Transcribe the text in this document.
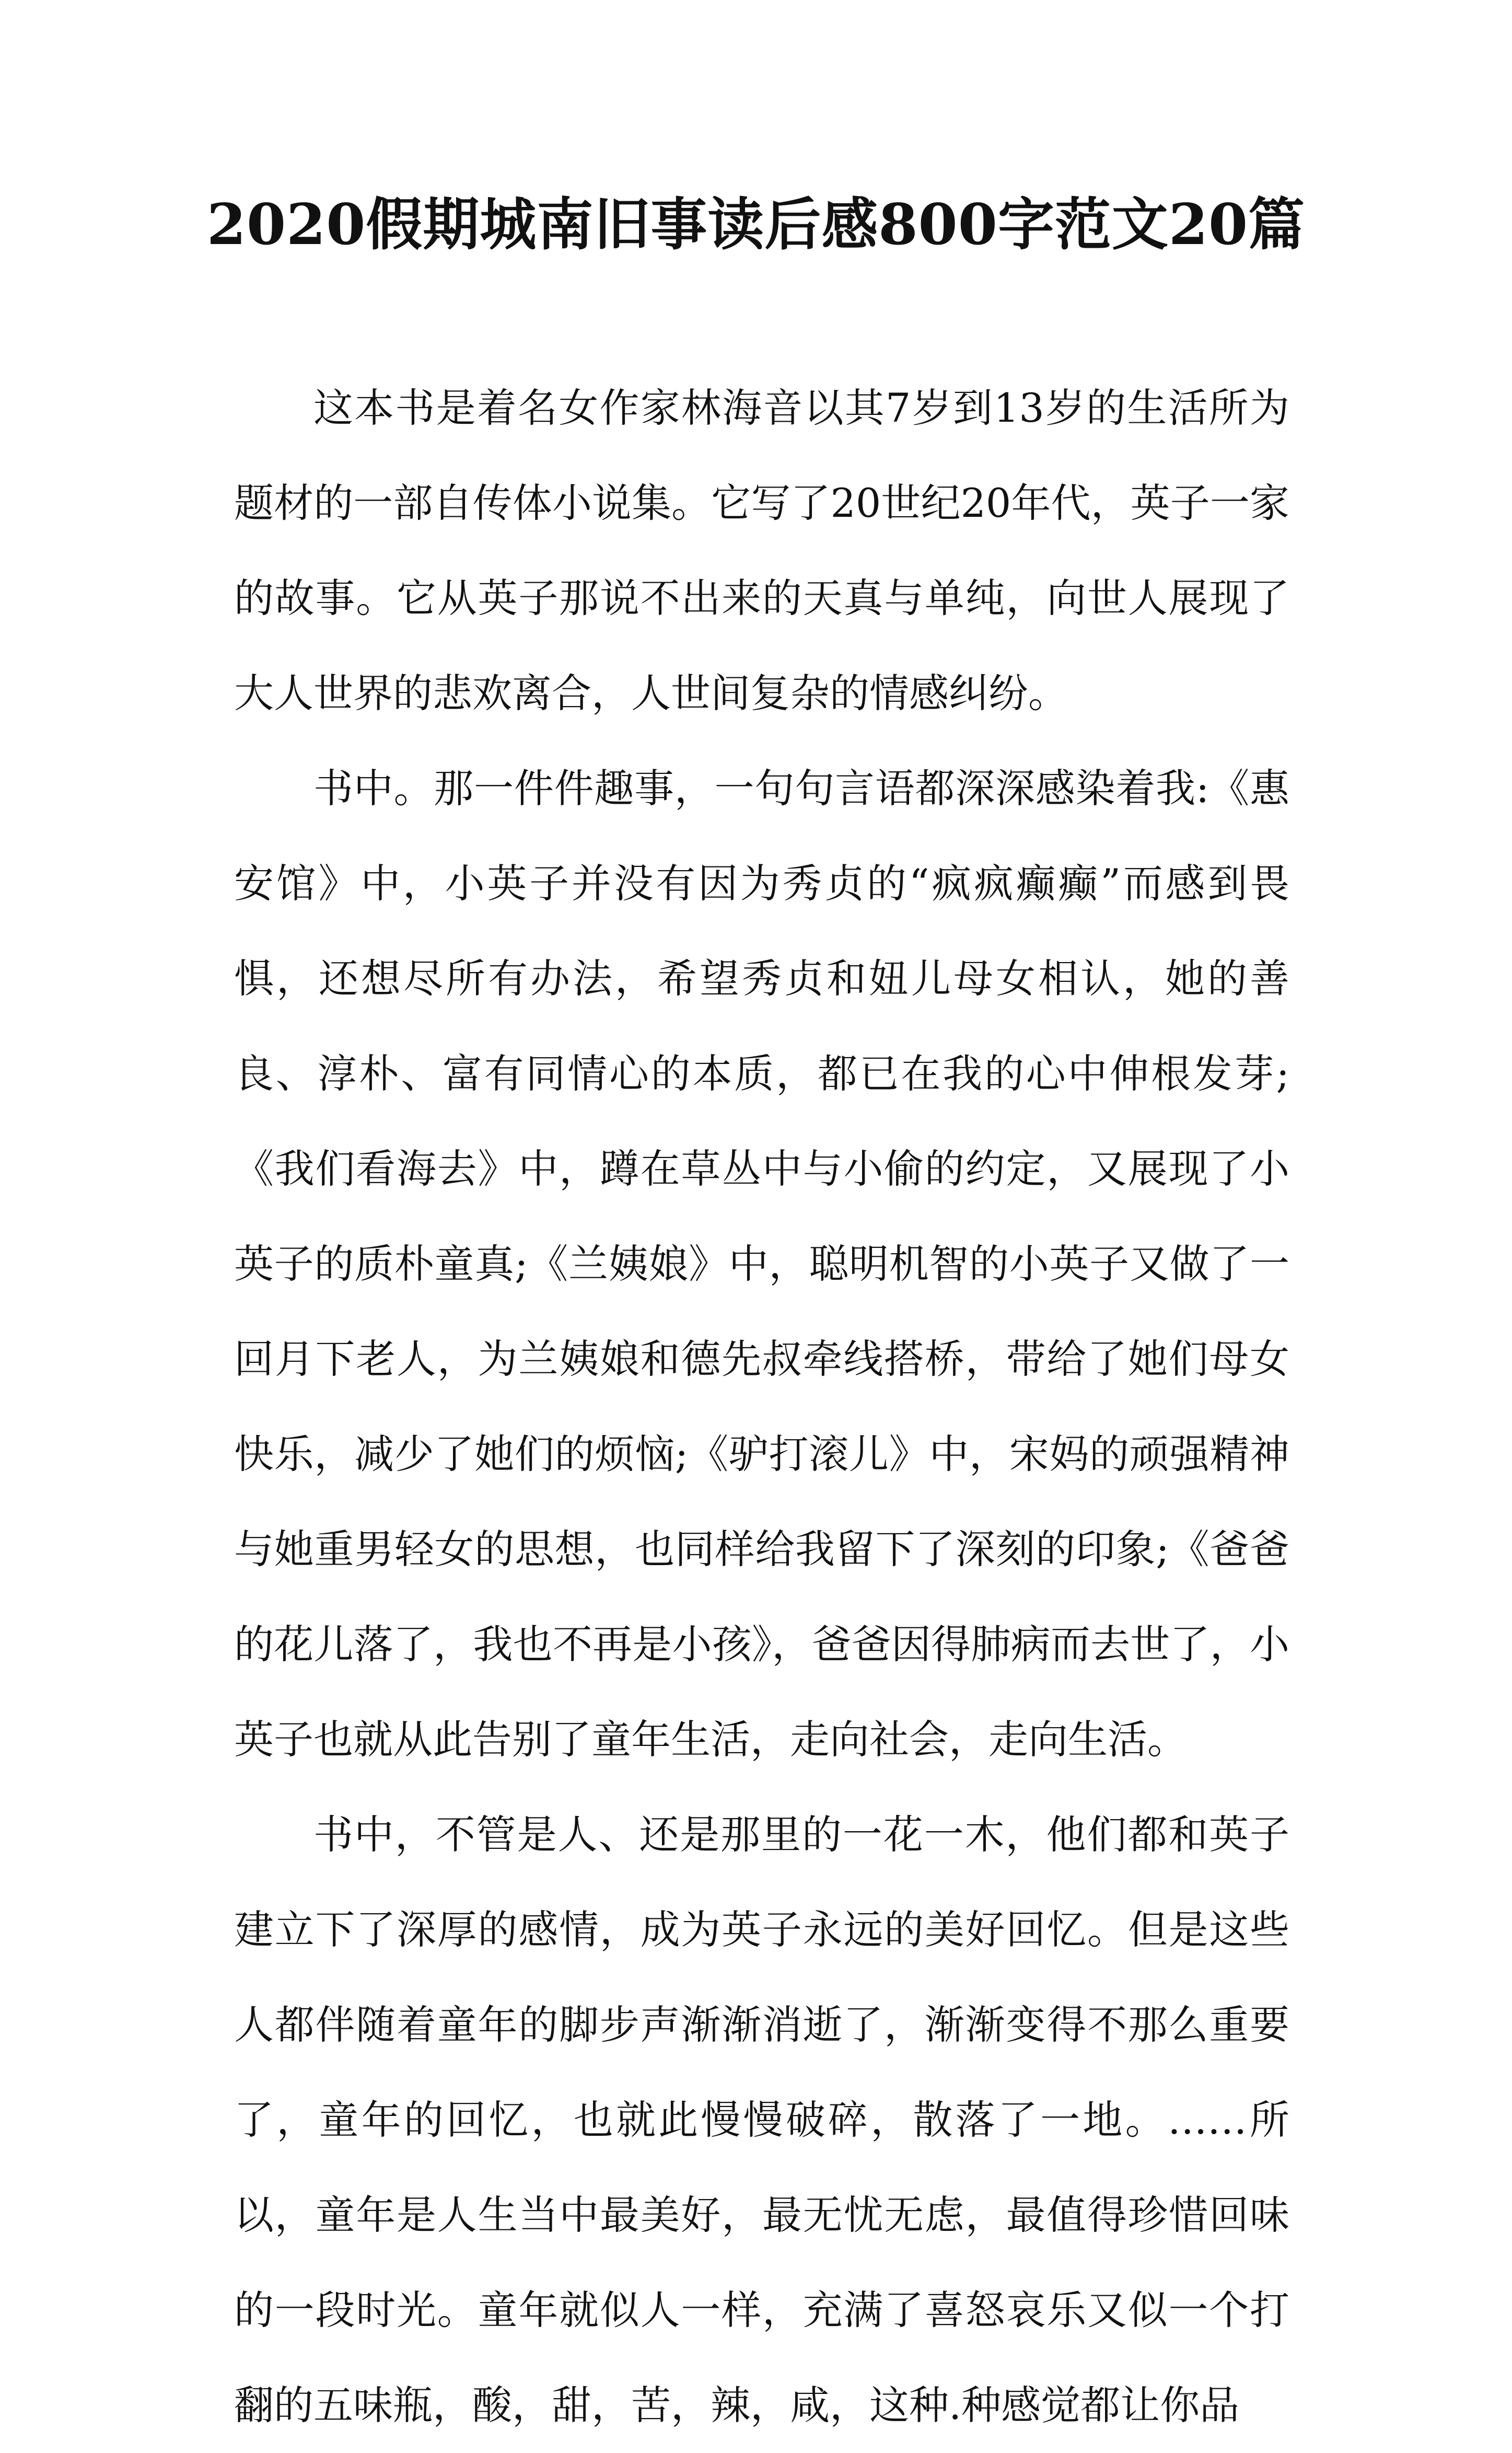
2020假期城南旧事读后感800字范文20篇

这本书是着名女作家林海音以其7岁到13岁的生活所为题材的一部自传体小说集。它写了20世纪20年代，英子一家的故事。它从英子那说不出来的天真与单纯，向世人展现了大人世界的悲欢离合，人世间复杂的情感纠纷。

书中。那一件件趣事，一句句言语都深深感染着我:《惠安馆》中，小英子并没有因为秀贞的“疯疯癫癫”而感到畏惧，还想尽所有办法，希望秀贞和妞儿母女相认，她的善良、淳朴、富有同情心的本质，都已在我的心中伸根发芽;《我们看海去》中，蹲在草丛中与小偷的约定，又展现了小英子的质朴童真;《兰姨娘》中，聪明机智的小英子又做了一回月下老人，为兰姨娘和德先叔牵线搭桥，带给了她们母女快乐，减少了她们的烦恼;《驴打滚儿》中，宋妈的顽强精神与她重男轻女的思想，也同样给我留下了深刻的印象;《爸爸的花儿落了，我也不再是小孩》，爸爸因得肺病而去世了，小英子也就从此告别了童年生活，走向社会，走向生活。

书中，不管是人、还是那里的一花一木，他们都和英子建立下了深厚的感情，成为英子永远的美好回忆。但是这些人都伴随着童年的脚步声渐渐消逝了，渐渐变得不那么重要了，童年的回忆，也就此慢慢破碎，散落了一地。……所以，童年是人生当中最美好，最无忧无虑，最值得珍惜回味的一段时光。童年就似人一样，充满了喜怒哀乐又似一个打翻的五味瓶，酸，甜，苦，辣，咸，这种.种感觉都让你品
